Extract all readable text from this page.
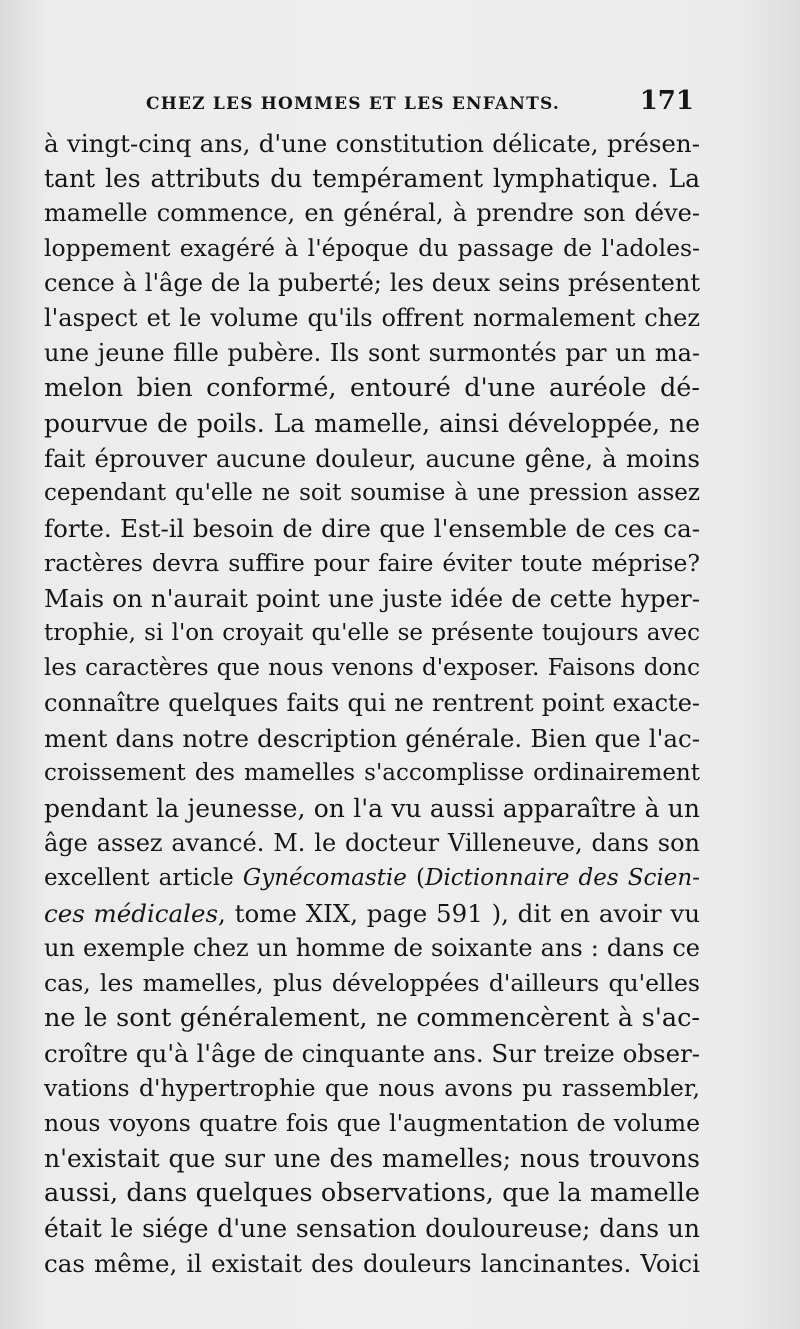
CHEZ LES HOMMES ET LES ENFANTS.	171
à vingt-cinq ans, d'une constitution délicate, présen-
tant les attributs du tempérament lymphatique. La
mamelle commence, en général, à prendre son déve-
loppement exagéré à l'époque du passage de l'adoles-
cence à l'âge de la puberté; les deux seins présentent
l'aspect et le volume qu'ils offrent normalement chez
une jeune fille pubère. Ils sont surmontés par un ma-
melon bien conformé, entouré d'une auréole dé-
pourvue de poils. La mamelle, ainsi développée, ne
fait éprouver aucune douleur, aucune gêne, à moins
cependant qu'elle ne soit soumise à une pression assez
forte. Est-il besoin de dire que l'ensemble de ces ca-
ractères devra suffire pour faire éviter toute méprise?
Mais on n'aurait point une juste idée de cette hyper-
trophie, si l'on croyait qu'elle se présente toujours avec
les caractères que nous venons d'exposer. Faisons donc
connaître quelques faits qui ne rentrent point exacte-
ment dans notre description générale. Bien que l'ac-
croissement des mamelles s'accomplisse ordinairement
pendant la jeunesse, on l'a vu aussi apparaître à un
âge assez avancé. M. le docteur Villeneuve, dans son
excellent article Gynécomastie (Dictionnaire des Scien-
ces médicales, tome XIX, page 591 ), dit en avoir vu
un exemple chez un homme de soixante ans : dans ce
cas, les mamelles, plus développées d'ailleurs qu'elles
ne le sont généralement, ne commencèrent à s'ac-
croître qu'à l'âge de cinquante ans. Sur treize obser-
vations d'hypertrophie que nous avons pu rassembler,
nous voyons quatre fois que l'augmentation de volume
n'existait que sur une des mamelles; nous trouvons
aussi, dans quelques observations, que la mamelle
était le siége d'une sensation douloureuse; dans un
cas même, il existait des douleurs lancinantes. Voici
